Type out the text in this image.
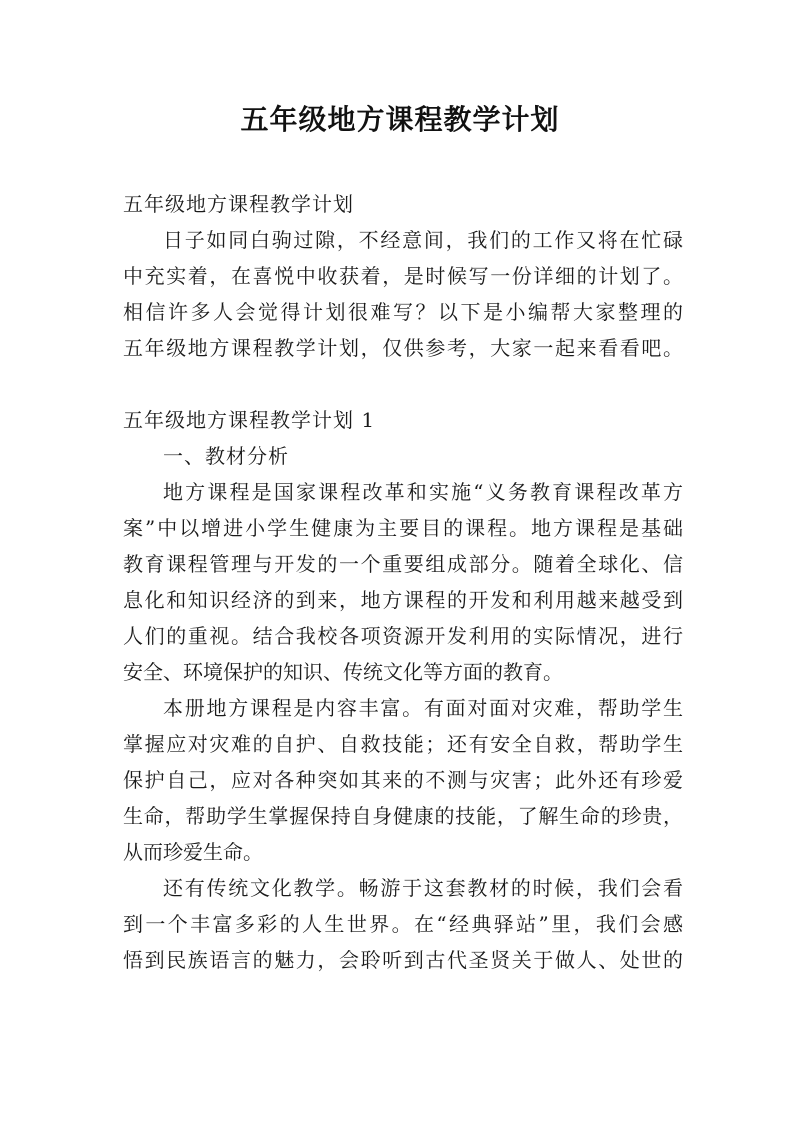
五年级地方课程教学计划
五年级地方课程教学计划
日子如同白驹过隙，不经意间，我们的工作又将在忙碌
中充实着，在喜悦中收获着，是时候写一份详细的计划了。
相信许多人会觉得计划很难写？以下是小编帮大家整理的
五年级地方课程教学计划，仅供参考，大家一起来看看吧。
五年级地方课程教学计划 1
一、教材分析
地方课程是国家课程改革和实施“义务教育课程改革方
案”中以增进小学生健康为主要目的课程。地方课程是基础
教育课程管理与开发的一个重要组成部分。随着全球化、信
息化和知识经济的到来，地方课程的开发和利用越来越受到
人们的重视。结合我校各项资源开发利用的实际情况，进行
安全、环境保护的知识、传统文化等方面的教育。
本册地方课程是内容丰富。有面对面对灾难，帮助学生
掌握应对灾难的自护、自救技能；还有安全自救，帮助学生
保护自己，应对各种突如其来的不测与灾害；此外还有珍爱
生命，帮助学生掌握保持自身健康的技能，了解生命的珍贵，
从而珍爱生命。
还有传统文化教学。畅游于这套教材的时候，我们会看
到一个丰富多彩的人生世界。在“经典驿站”里，我们会感
悟到民族语言的魅力，会聆听到古代圣贤关于做人、处世的
